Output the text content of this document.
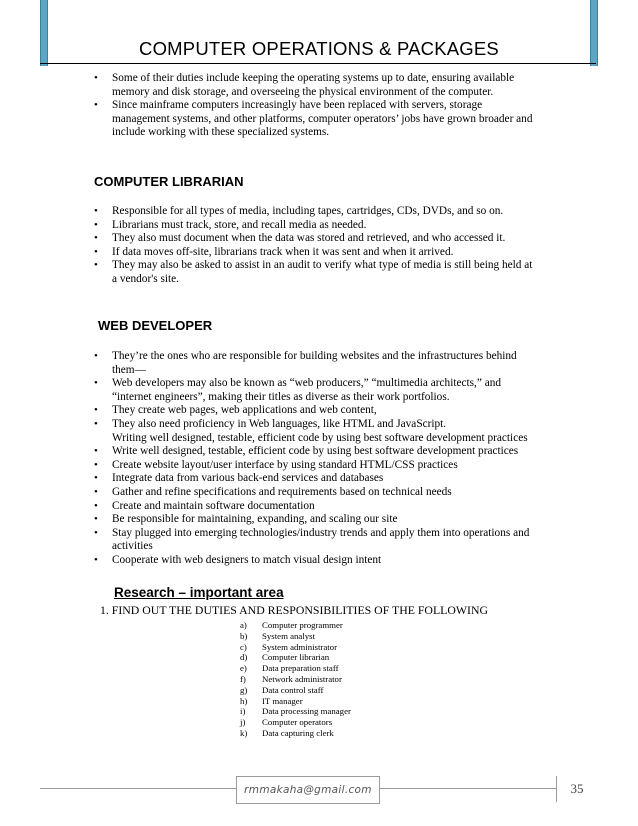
COMPUTER OPERATIONS & PACKAGES
• Some of their duties include keeping the operating systems up to date, ensuring available
memory and disk storage, and overseeing the physical environment of the computer.
• Since mainframe computers increasingly have been replaced with servers, storage
management systems, and other platforms, computer operators’ jobs have grown broader and
include working with these specialized systems.
COMPUTER LIBRARIAN
• Responsible for all types of media, including tapes, cartridges, CDs, DVDs, and so on.
• Librarians must track, store, and recall media as needed.
• They also must document when the data was stored and retrieved, and who accessed it.
• If data moves off-site, librarians track when it was sent and when it arrived.
• They may also be asked to assist in an audit to verify what type of media is still being held at
a vendor's site.
WEB DEVELOPER
• They’re the ones who are responsible for building websites and the infrastructures behind
them—
• Web developers may also be known as “web producers,” “multimedia architects,” and
“internet engineers”, making their titles as diverse as their work portfolios.
• They create web pages, web applications and web content,
• They also need proficiency in Web languages, like HTML and JavaScript.
Writing well designed, testable, efficient code by using best software development practices
• Write well designed, testable, efficient code by using best software development practices
• Create website layout/user interface by using standard HTML/CSS practices
• Integrate data from various back-end services and databases
• Gather and refine specifications and requirements based on technical needs
• Create and maintain software documentation
• Be responsible for maintaining, expanding, and scaling our site
• Stay plugged into emerging technologies/industry trends and apply them into operations and
activities
• Cooperate with web designers to match visual design intent
Research – important area
1. FIND OUT THE DUTIES AND RESPONSIBILITIES OF THE FOLLOWING
a) Computer programmer
b) System analyst
c) System administrator
d) Computer librarian
e) Data preparation staff
f) Network administrator
g) Data control staff
h) IT manager
i) Data processing manager
j) Computer operators
k) Data capturing clerk
rmmakaha@gmail.com	35
